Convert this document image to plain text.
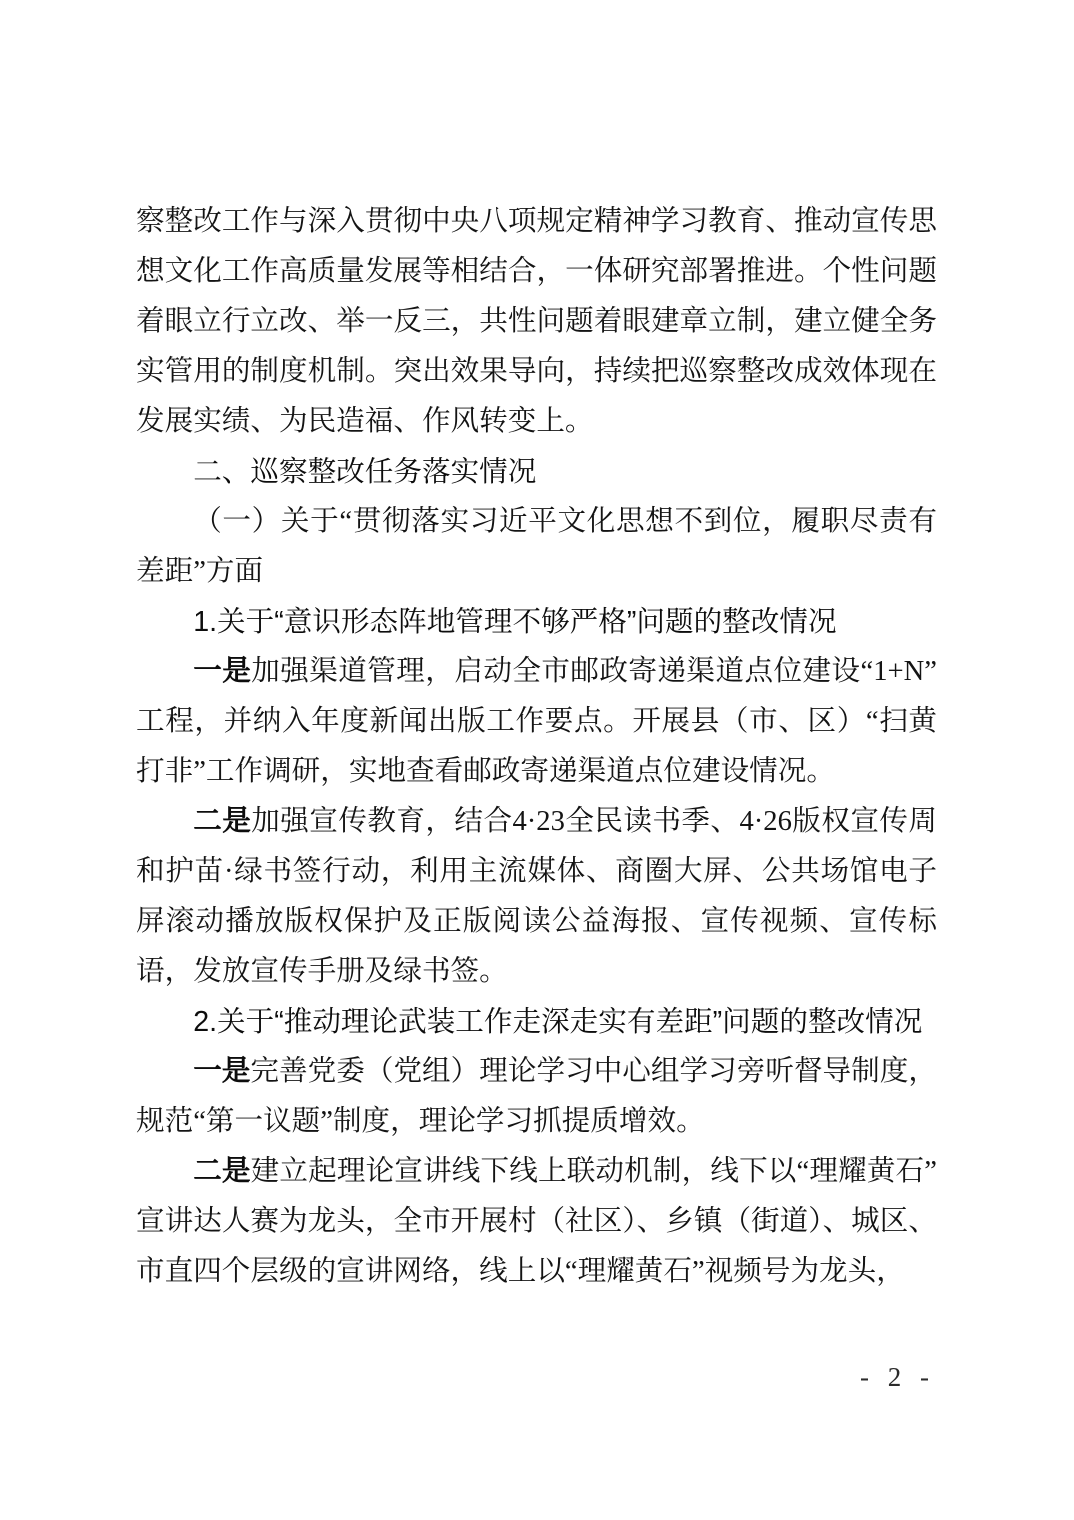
察整改工作与深入贯彻中央八项规定精神学习教育、推动宣传思想文化工作高质量发展等相结合，一体研究部署推进。个性问题着眼立行立改、举一反三，共性问题着眼建章立制，建立健全务实管用的制度机制。突出效果导向，持续把巡察整改成效体现在发展实绩、为民造福、作风转变上。

二、巡察整改任务落实情况
（一）关于“贯彻落实习近平文化思想不到位，履职尽责有差距”方面
1.关于“意识形态阵地管理不够严格”问题的整改情况

一是加强渠道管理，启动全市邮政寄递渠道点位建设“1+N”工程，并纳入年度新闻出版工作要点。开展县（市、区）“扫黄打非”工作调研，实地查看邮政寄递渠道点位建设情况。

二是加强宣传教育，结合4·23全民读书季、4·26版权宣传周和护苗·绿书签行动，利用主流媒体、商圈大屏、公共场馆电子屏滚动播放版权保护及正版阅读公益海报、宣传视频、宣传标语，发放宣传手册及绿书签。

2.关于“推动理论武装工作走深走实有差距”问题的整改情况

一是完善党委（党组）理论学习中心组学习旁听督导制度，规范“第一议题”制度，理论学习抓提质增效。

二是建立起理论宣讲线下线上联动机制，线下以“理耀黄石”宣讲达人赛为龙头，全市开展村（社区）、乡镇（街道）、城区、市直四个层级的宣讲网络，线上以“理耀黄石”视频号为龙头，

- 2 -
